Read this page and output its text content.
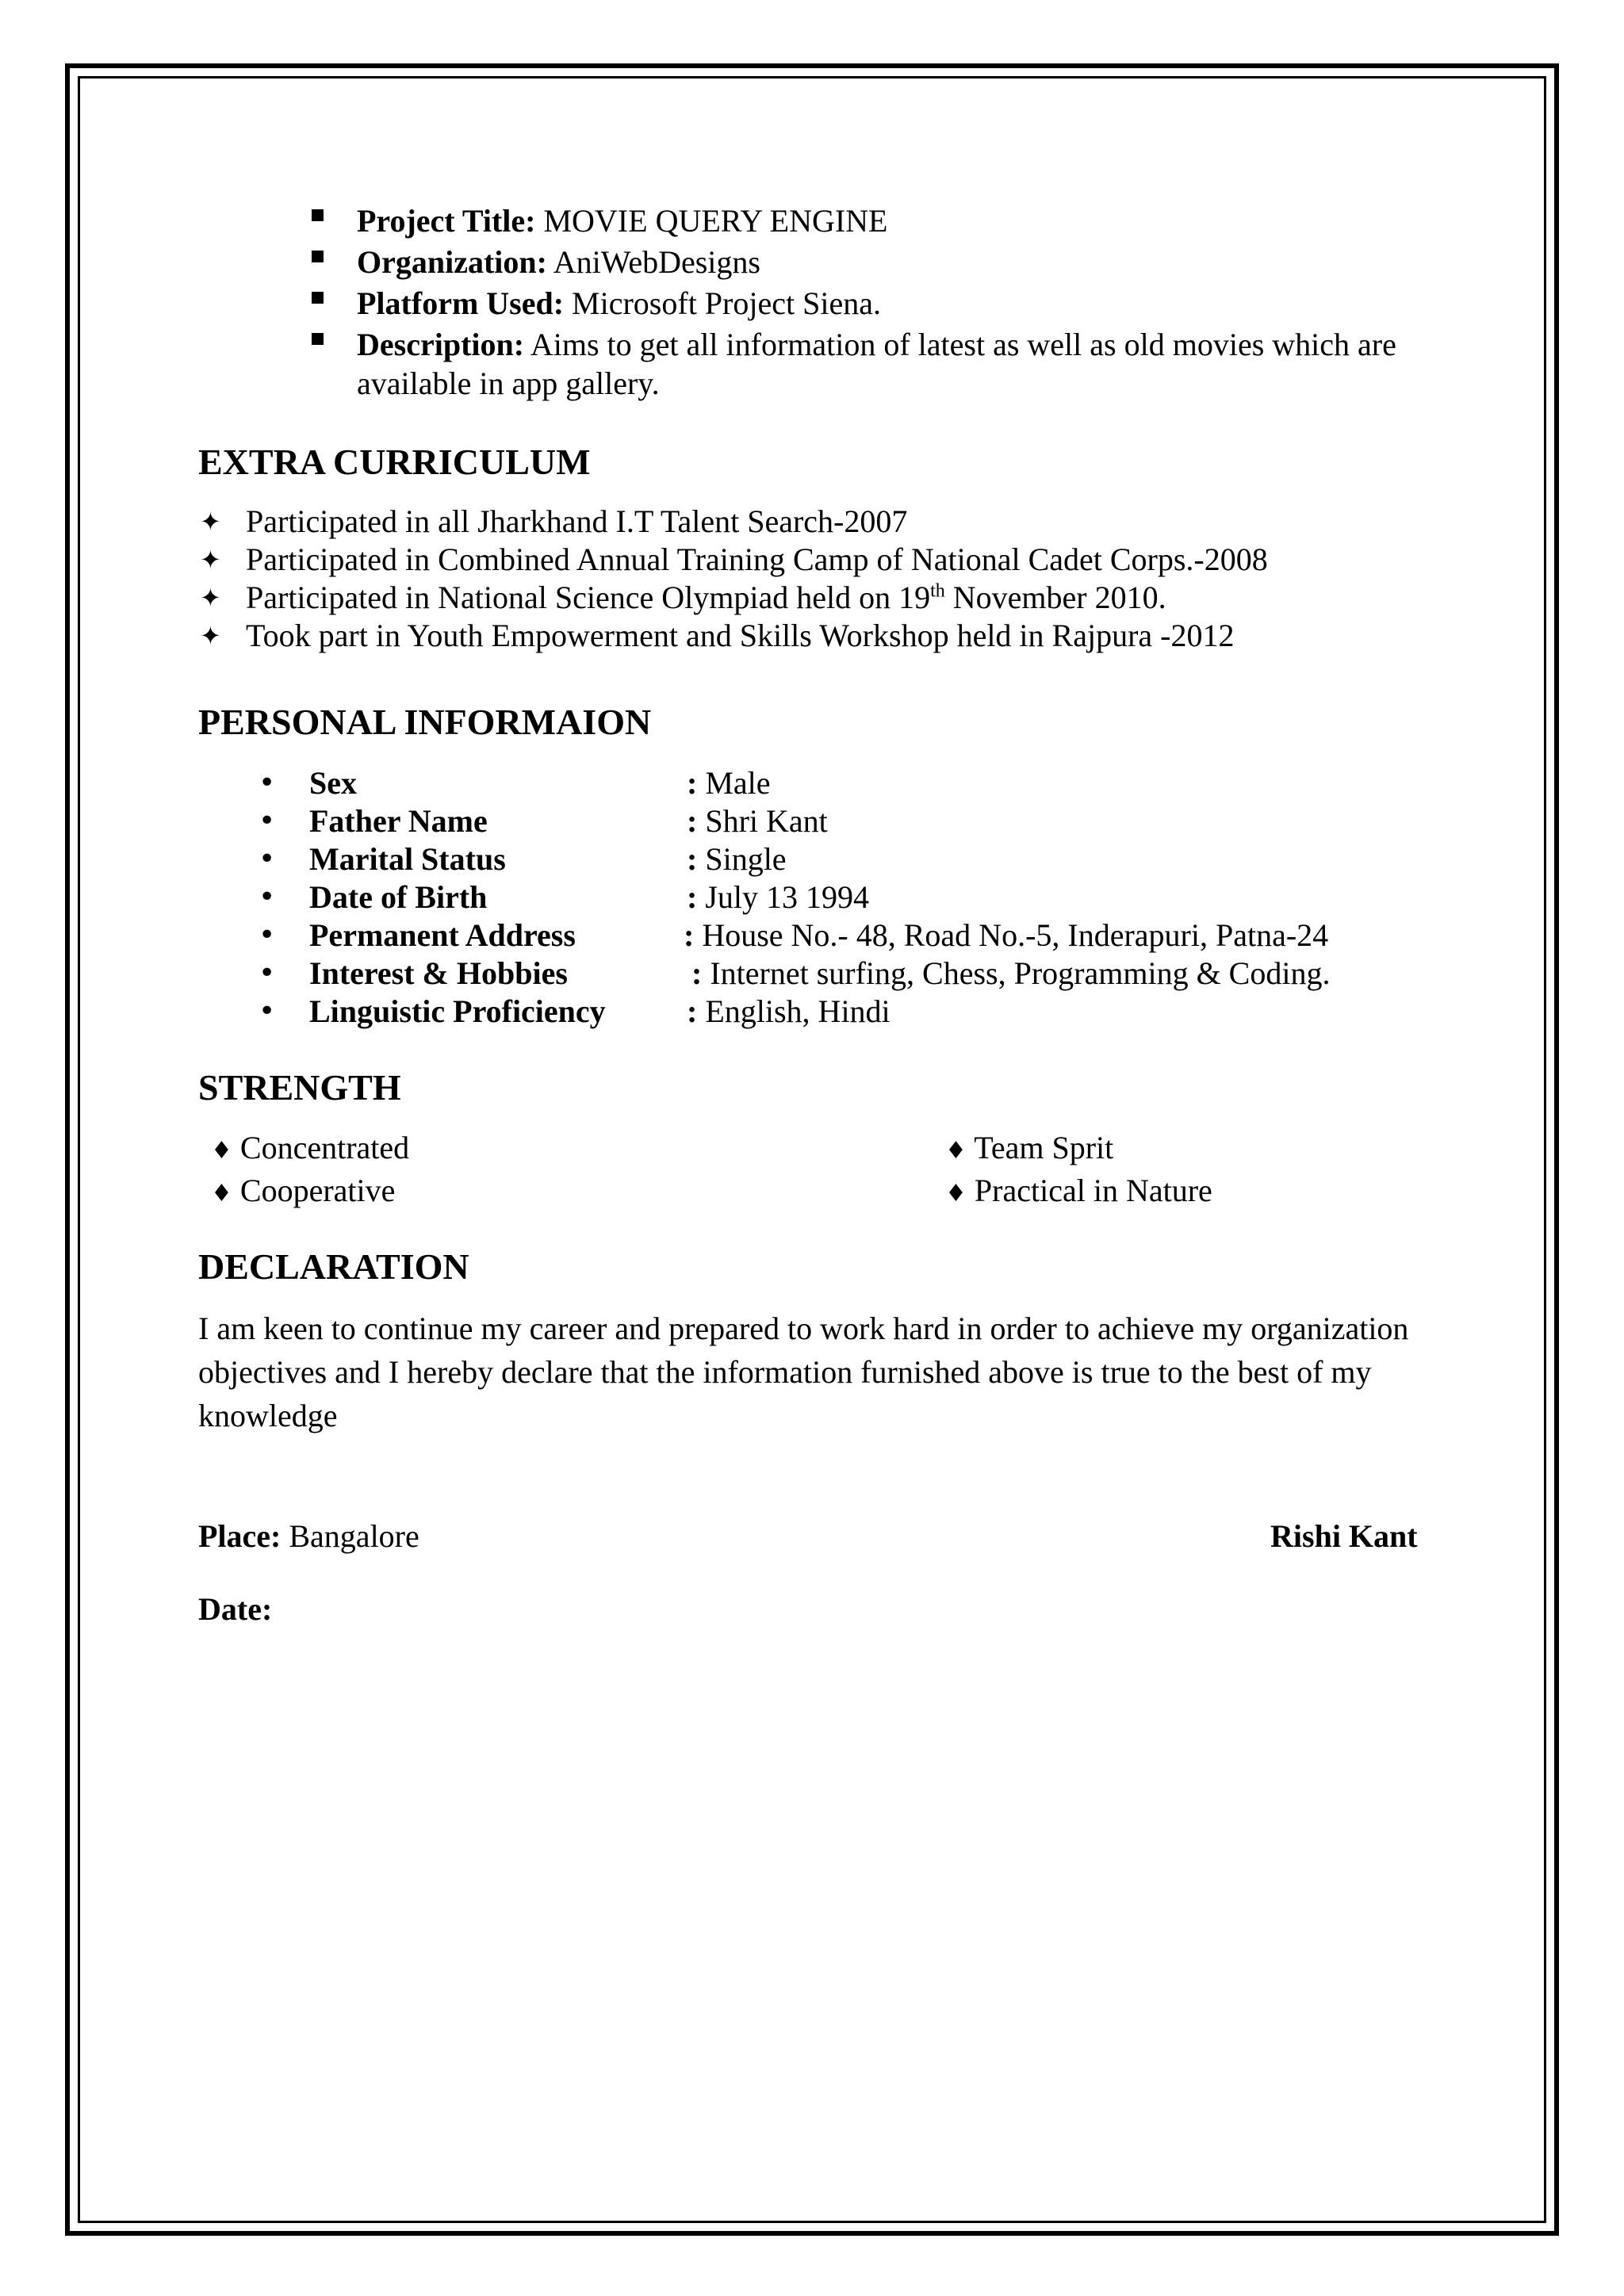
Project Title: MOVIE QUERY ENGINE
Organization: AniWebDesigns
Platform Used: Microsoft Project Siena.
Description: Aims to get all information of latest as well as old movies which are
available in app gallery.
EXTRA CURRICULUM
✦ Participated in all Jharkhand I.T Talent Search-2007
✦ Participated in Combined Annual Training Camp of National Cadet Corps.-2008
✦ Participated in National Science Olympiad held on 19th November 2010.
✦ Took part in Youth Empowerment and Skills Workshop held in Rajpura -2012
PERSONAL INFORMAION
• Sex	: Male
• Father Name	: Shri Kant
• Marital Status	: Single
• Date of Birth	: July 13 1994
• Permanent Address	: House No.- 48, Road No.-5, Inderapuri, Patna-24
• Interest & Hobbies	: Internet surfing, Chess, Programming & Coding.
• Linguistic Proficiency	: English, Hindi
STRENGTH
♦ Concentrated	♦ Team Sprit
♦ Cooperative	♦ Practical in Nature
DECLARATION
I am keen to continue my career and prepared to work hard in order to achieve my organization
objectives and I hereby declare that the information furnished above is true to the best of my
knowledge
Place: Bangalore	Rishi Kant
Date:
